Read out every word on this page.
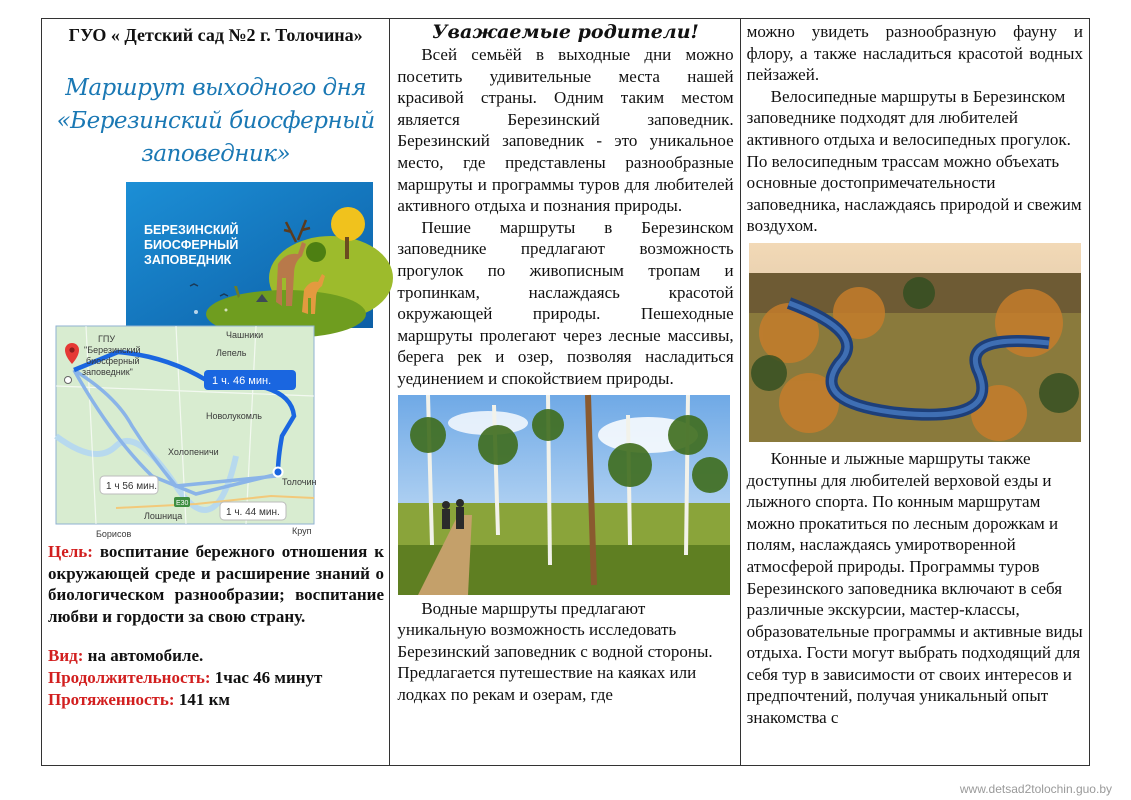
ГУО « Детский сад №2 г. Толочина»
Маршрут выходного дня
«Березинский биосферный
заповедник»
БЕРЕЗИНСКИЙ
БИОСФЕРНЫЙ
ЗАПОВЕДНИК
ГПУ
"Березинский
биосферный
заповедник"
Чашники
Лепель
Новолукомль
Холопеничи
Толочин
Лошница
Борисов	Круп
E30
1 ч. 46 мин.
1 ч 56 мин.
1 ч. 44 мин.
Цель: воспитание бережного отношения к окружающей среде и расширение знаний о биологическом разнообразии; воспитание любви и гордости за свою страну.
Вид: на автомобиле.
Продолжительность: 1час 46 минут
Протяженность: 141 км
Уважаемые родители!

Всей семьёй в выходные дни можно посетить удивительные места нашей красивой страны. Одним таким местом является Березинский заповедник. Березинский заповедник - это уникальное место, где представлены разнообразные маршруты и программы туров для любителей активного отдыха и познания природы.

Пешие маршруты в Березинском заповеднике предлагают возможность прогулок по живописным тропам и тропинкам, наслаждаясь красотой окружающей природы. Пешеходные маршруты пролегают через лесные массивы, берега рек и озер, позволяя насладиться уединением и спокойствием природы.

Водные маршруты предлагают уникальную возможность исследовать Березинский заповедник с водной стороны. Предлагается путешествие на каяках или лодках по рекам и озерам, где

можно увидеть разнообразную фауну и флору, а также насладиться красотой водных пейзажей.

Велосипедные маршруты в Березинском заповеднике подходят для любителей активного отдыха и велосипедных прогулок. По велосипедным трассам можно объехать основные достопримечательности заповедника, наслаждаясь природой и свежим воздухом.

Конные и лыжные маршруты также доступны для любителей верховой езды и лыжного спорта. По конным маршрутам можно прокатиться по лесным дорожкам и полям, наслаждаясь умиротворенной атмосферой природы. Программы туров Березинского заповедника включают в себя различные экскурсии, мастер-классы, образовательные программы и активные виды отдыха. Гости могут выбрать подходящий для себя тур в зависимости от своих интересов и предпочтений, получая уникальный опыт знакомства с

www.detsad2tolochin.guo.by
